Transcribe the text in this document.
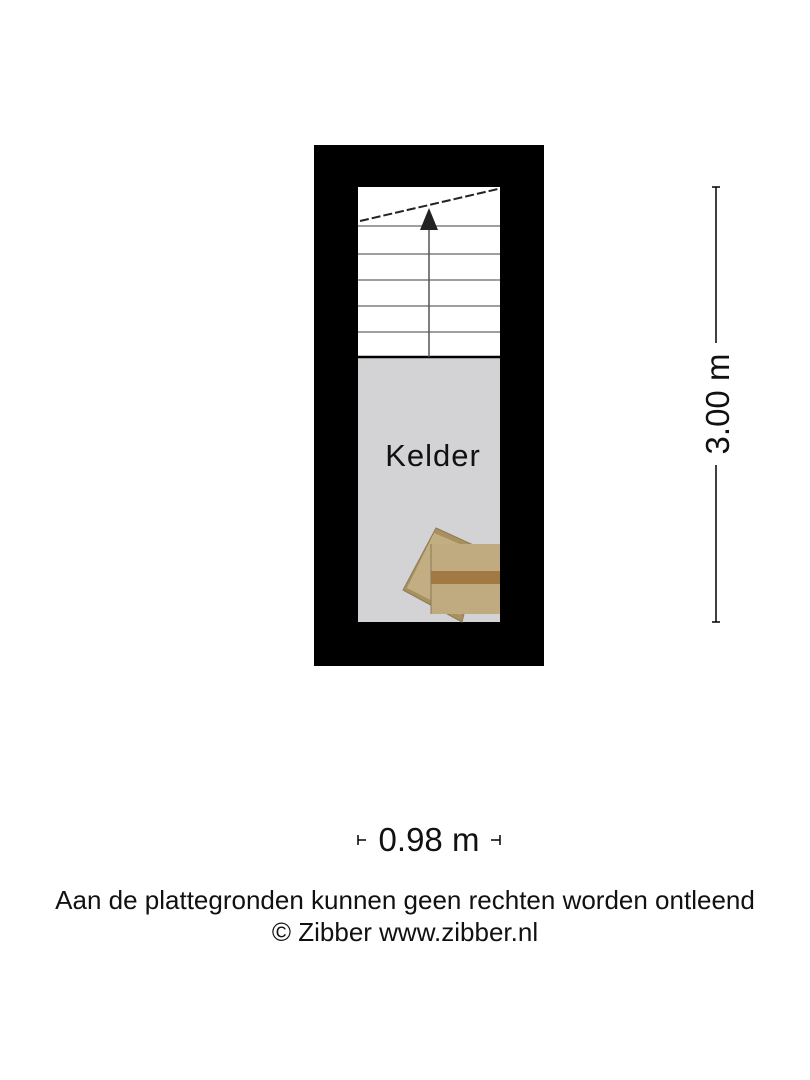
Kelder
3.00 m
0.98 m

Aan de plattegronden kunnen geen rechten worden ontleend

© Zibber www.zibber.nl
